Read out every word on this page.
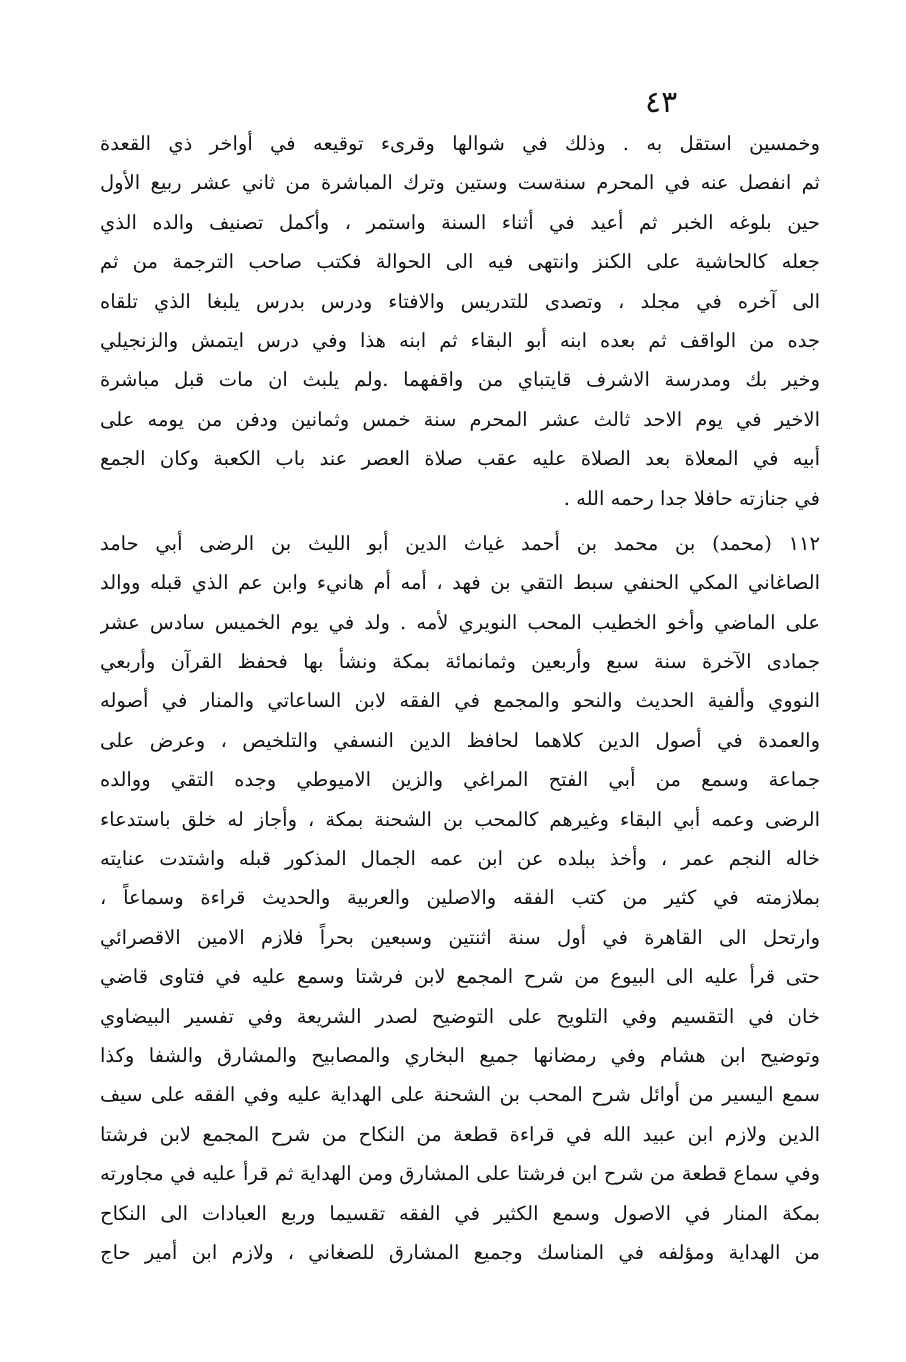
٤٣
وخمسين استقل به . وذلك في شوالها وقرىء توقيعه في أواخر ذي القعدة
ثم انفصل عنه في المحرم سنةست وستين وترك المباشرة من ثاني عشر ربيع الأول
حين بلوغه الخبر ثم أعيد في أثناء السنة واستمر ، وأكمل تصنيف والده الذي
جعله كالحاشية على الكنز وانتهى فيه الى الحوالة فكتب صاحب الترجمة من ثم
الى آخره في مجلد ، وتصدى للتدريس والافتاء ودرس بدرس يلبغا الذي تلقاه
جده من الواقف ثم بعده ابنه أبو البقاء ثم ابنه هذا وفي درس ايتمش والزنجيلي
وخير بك ومدرسة الاشرف قايتباي من واقفهما .ولم يلبث ان مات قبل مباشرة
الاخير في يوم الاحد ثالث عشر المحرم سنة خمس وثمانين ودفن من يومه على
أبيه في المعلاة بعد الصلاة عليه عقب صلاة العصر عند باب الكعبة وكان الجمع
في جنازته حافلا جدا رحمه الله .
١١٢ (محمد) بن محمد بن أحمد غياث الدين أبو الليث بن الرضى أبي حامد
الصاغاني المكي الحنفي سبط التقي بن فهد ، أمه أم هانيء وابن عم الذي قبله ووالد
على الماضي وأخو الخطيب المحب النويري لأمه . ولد في يوم الخميس سادس عشر
جمادى الآخرة سنة سبع وأربعين وثمانمائة بمكة ونشأ بها فحفظ القرآن وأربعي
النووي وألفية الحديث والنحو والمجمع في الفقه لابن الساعاتي والمنار في أصوله
والعمدة في أصول الدين كلاهما لحافظ الدين النسفي والتلخيص ، وعرض على
جماعة وسمع من أبي الفتح المراغي والزين الاميوطي وجده التقي ووالده
الرضى وعمه أبي البقاء وغيرهم كالمحب بن الشحنة بمكة ، وأجاز له خلق باستدعاء
خاله النجم عمر ، وأخذ ببلده عن ابن عمه الجمال المذكور قبله واشتدت عنايته
بملازمته في كثير من كتب الفقه والاصلين والعربية والحديث قراءة وسماعاً ،
وارتحل الى القاهرة في أول سنة اثنتين وسبعين بحراً فلازم الامين الاقصرائي
حتى قرأ عليه الى البيوع من شرح المجمع لابن فرشتا وسمع عليه في فتاوى قاضي
خان في التقسيم وفي التلويح على التوضيح لصدر الشريعة وفي تفسير البيضاوي
وتوضيح ابن هشام وفي رمضانها جميع البخاري والمصابيح والمشارق والشفا وكذا
سمع اليسير من أوائل شرح المحب بن الشحنة على الهداية عليه وفي الفقه على سيف
الدين ولازم ابن عبيد الله في قراءة قطعة من النكاح من شرح المجمع لابن فرشتا
وفي سماع قطعة من شرح ابن فرشتا على المشارق ومن الهداية ثم قرأ عليه في مجاورته
بمكة المنار في الاصول وسمع الكثير في الفقه تقسيما وربع العبادات الى النكاح
من الهداية ومؤلفه في المناسك وجميع المشارق للصغاني ، ولازم ابن أمير حاج
